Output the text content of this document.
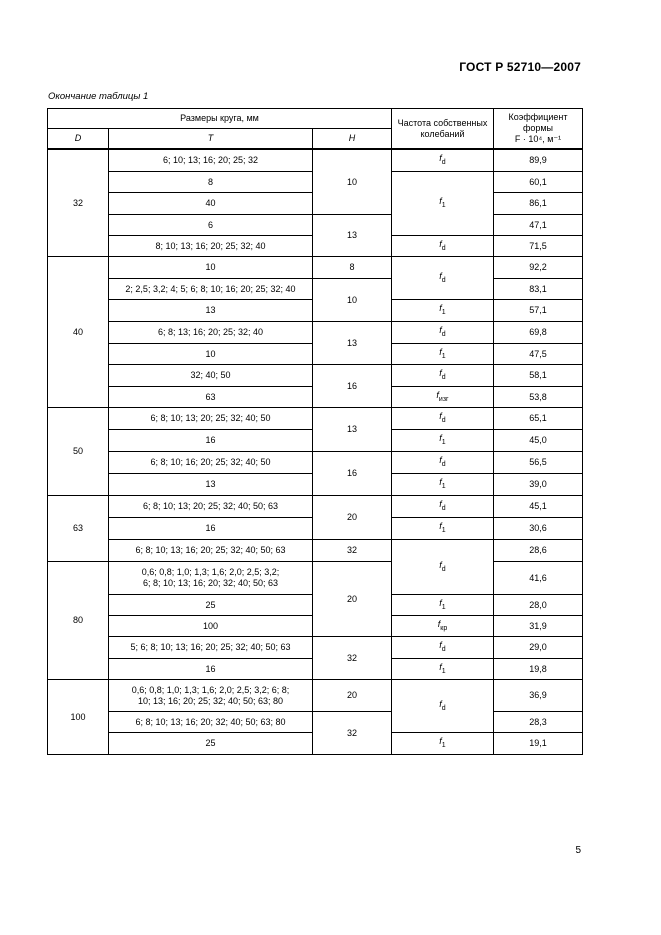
ГОСТ Р 52710—2007
Окончание таблицы 1
Размеры круга, мм			Частота собственных колебаний	Коэффициент формы
F · 10⁴, м⁻¹

D	T	H		

32	6; 10; 13; 16; 20; 25; 32	10	$f_d$	89,9
	8		$f_1$	60,1
	40			86,1
	6	13		47,1
	8; 10; 13; 16; 20; 25; 32; 40		$f_d$	71,5
40	10	8	$f_d$	92,2
	2; 2,5; 3,2; 4; 5; 6; 8; 10; 16; 20; 25; 32; 40	10		83,1
	13		$f_1$	57,1
	6; 8; 13; 16; 20; 25; 32; 40	13	$f_d$	69,8
	10		$f_1$	47,5
	32; 40; 50	16	$f_d$	58,1
	63		$f_{изг}$	53,8
50	6; 8; 10; 13; 20; 25; 32; 40; 50	13	$f_d$	65,1
	16		$f_1$	45,0
	6; 8; 10; 16; 20; 25; 32; 40; 50	16	$f_d$	56,5
	13		$f_1$	39,0
63	6; 8; 10; 13; 20; 25; 32; 40; 50; 63	20	$f_d$	45,1
	16		$f_1$	30,6
	6; 8; 10; 13; 16; 20; 25; 32; 40; 50; 63	32	$f_d$	28,6
80	0,6; 0,8; 1,0; 1,3; 1,6; 2,0; 2,5; 3,2;
6; 8; 10; 13; 16; 20; 32; 40; 50; 63	20		41,6
	25		$f_1$	28,0
	100		$f_{кр}$	31,9
	5; 6; 8; 10; 13; 16; 20; 25; 32; 40; 50; 63	32	$f_d$	29,0
	16		$f_1$	19,8
100	0,6; 0,8; 1,0; 1,3; 1,6; 2,0; 2,5; 3,2; 6; 8;
10; 13; 16; 20; 25; 32; 40; 50; 63; 80	20	$f_d$	36,9
	6; 8; 10; 13; 16; 20; 32; 40; 50; 63; 80	32		28,3
	25		$f_1$	19,1
5
